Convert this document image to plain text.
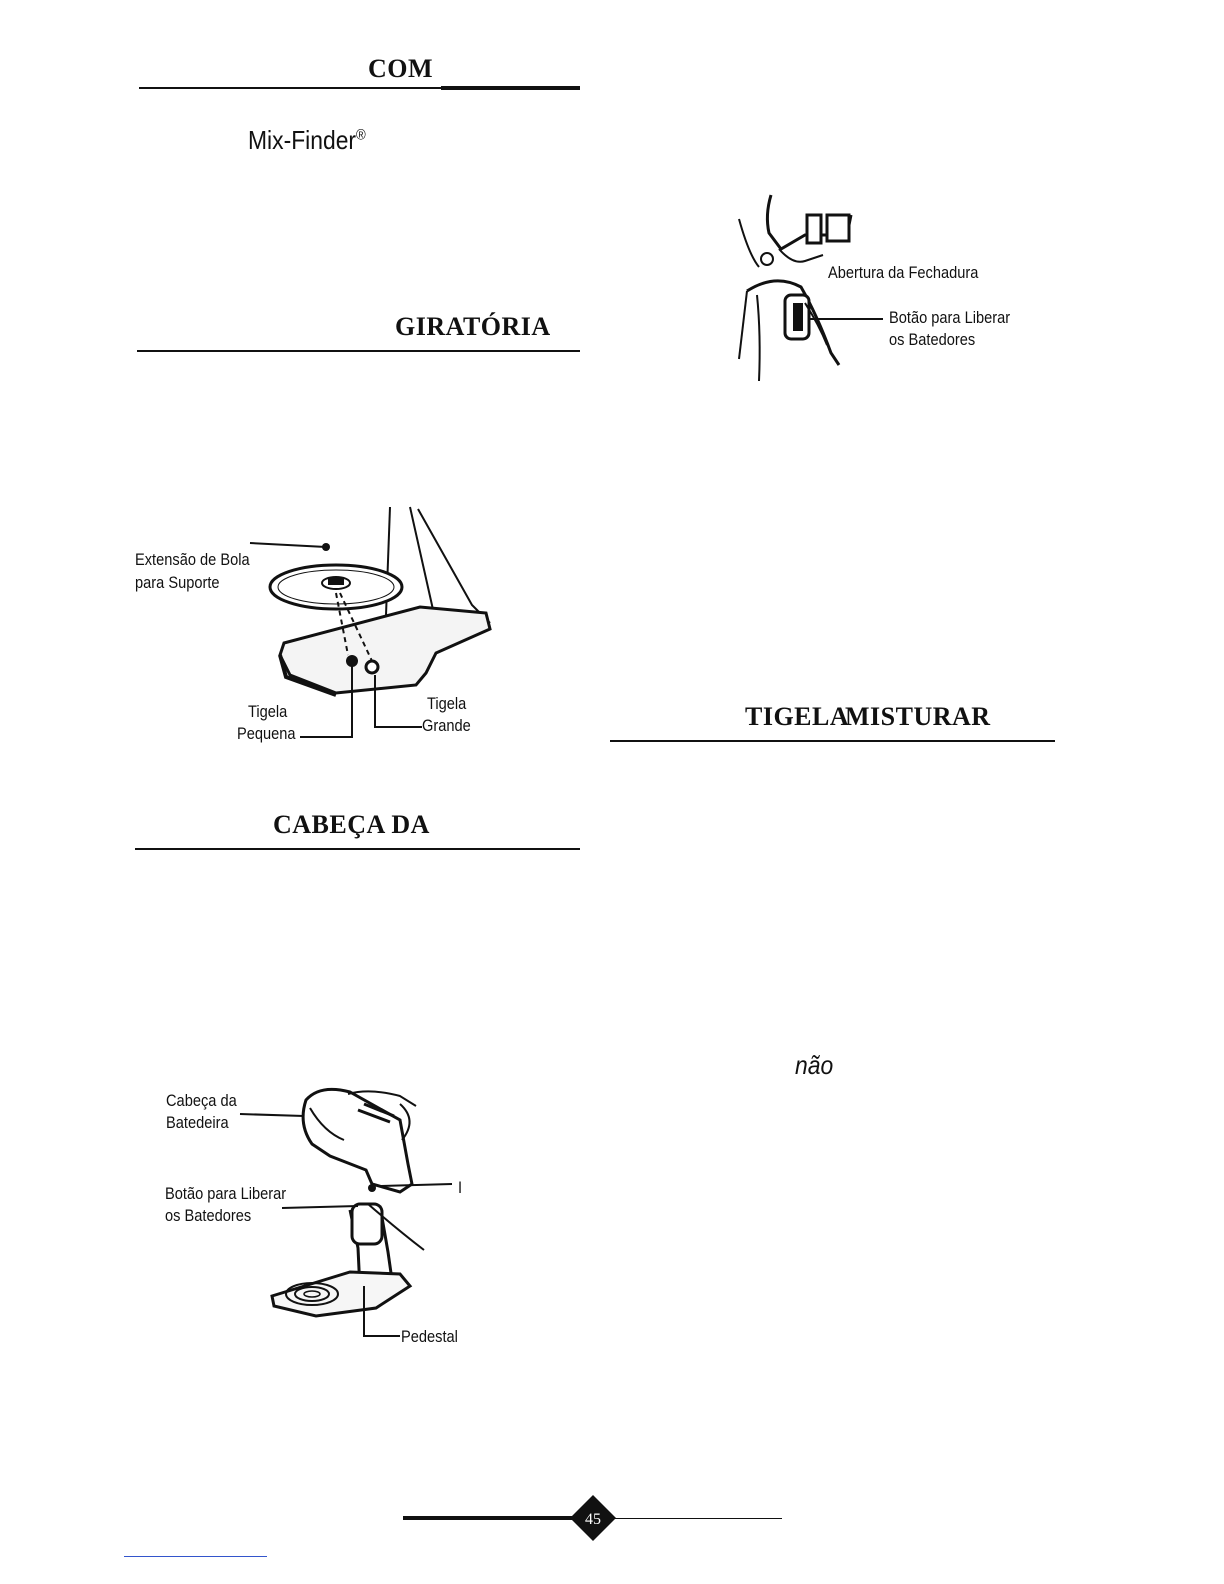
COM
Mix-Finder®
GIRATÓRIA
Extensão de Bola
para Suporte
Tigela
Pequena
Tigela
Grande
CABEÇA DA
Cabeça da
Batedeira
Botão para Liberar
os Batedores
I
Pedestal
Abertura da Fechadura
Botão para Liberar
os Batedores
TIGELA
MISTURAR
não
45
